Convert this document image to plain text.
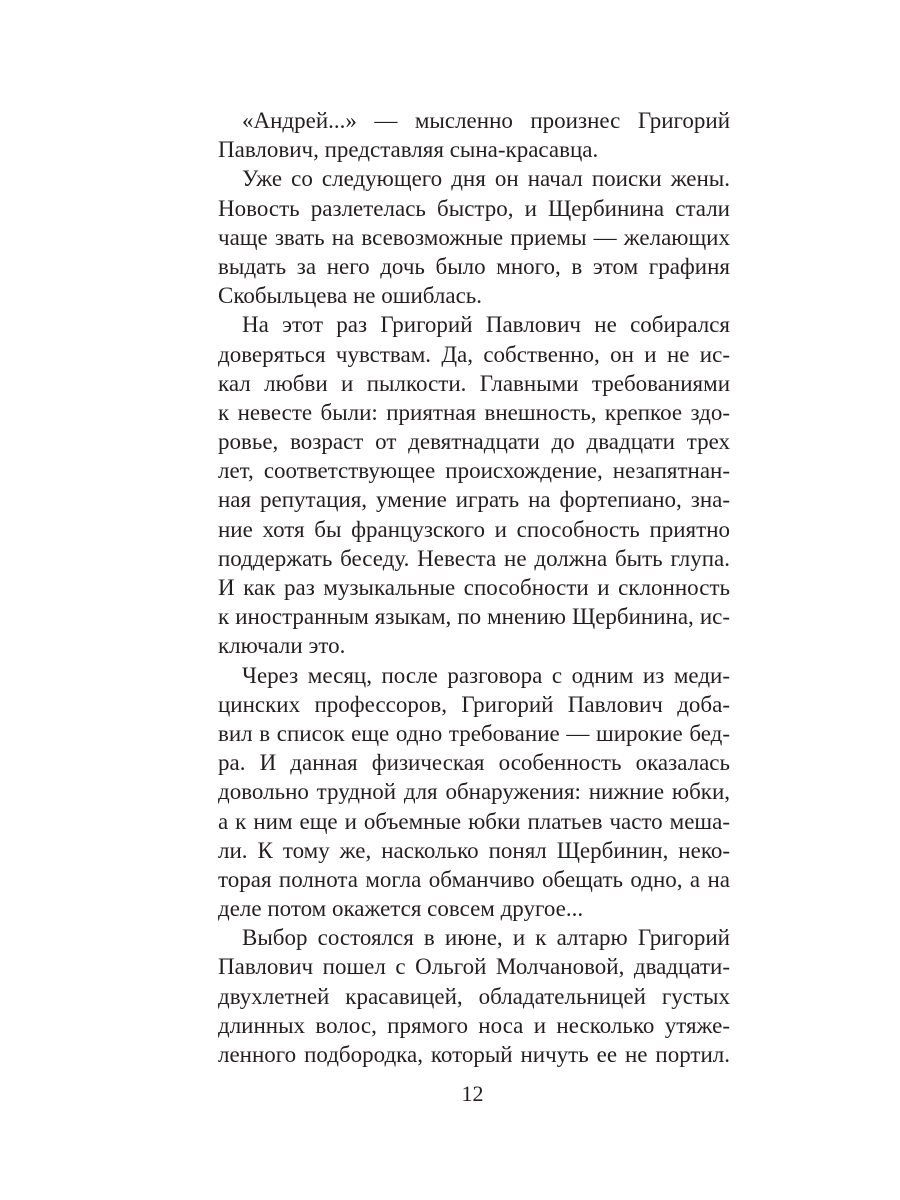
«Андрей...» — мысленно произнес Григорий
Павлович, представляя сына-красавца.

Уже со следующего дня он начал поиски жены.
Новость разлетелась быстро, и Щербинина стали
чаще звать на всевозможные приемы — желающих
выдать за него дочь было много, в этом графиня
Скобыльцева не ошиблась.

На этот раз Григорий Павлович не собирался
доверяться чувствам. Да, собственно, он и не ис-
кал любви и пылкости. Главными требованиями
к невесте были: приятная внешность, крепкое здо-
ровье, возраст от девятнадцати до двадцати трех
лет, соответствующее происхождение, незапятнан-
ная репутация, умение играть на фортепиано, зна-
ние хотя бы французского и способность приятно
поддержать беседу. Невеста не должна быть глупа.
И как раз музыкальные способности и склонность
к иностранным языкам, по мнению Щербинина, ис-
ключали это.

Через месяц, после разговора с одним из меди-
цинских профессоров, Григорий Павлович доба-
вил в список еще одно требование — широкие бед-
ра. И данная физическая особенность оказалась
довольно трудной для обнаружения: нижние юбки,
а к ним еще и объемные юбки платьев часто меша-
ли. К тому же, насколько понял Щербинин, неко-
торая полнота могла обманчиво обещать одно, а на
деле потом окажется совсем другое...

Выбор состоялся в июне, и к алтарю Григорий
Павлович пошел с Ольгой Молчановой, двадцати-
двухлетней красавицей, обладательницей густых
длинных волос, прямого носа и несколько утяже-
ленного подбородка, который ничуть ее не портил.

12
